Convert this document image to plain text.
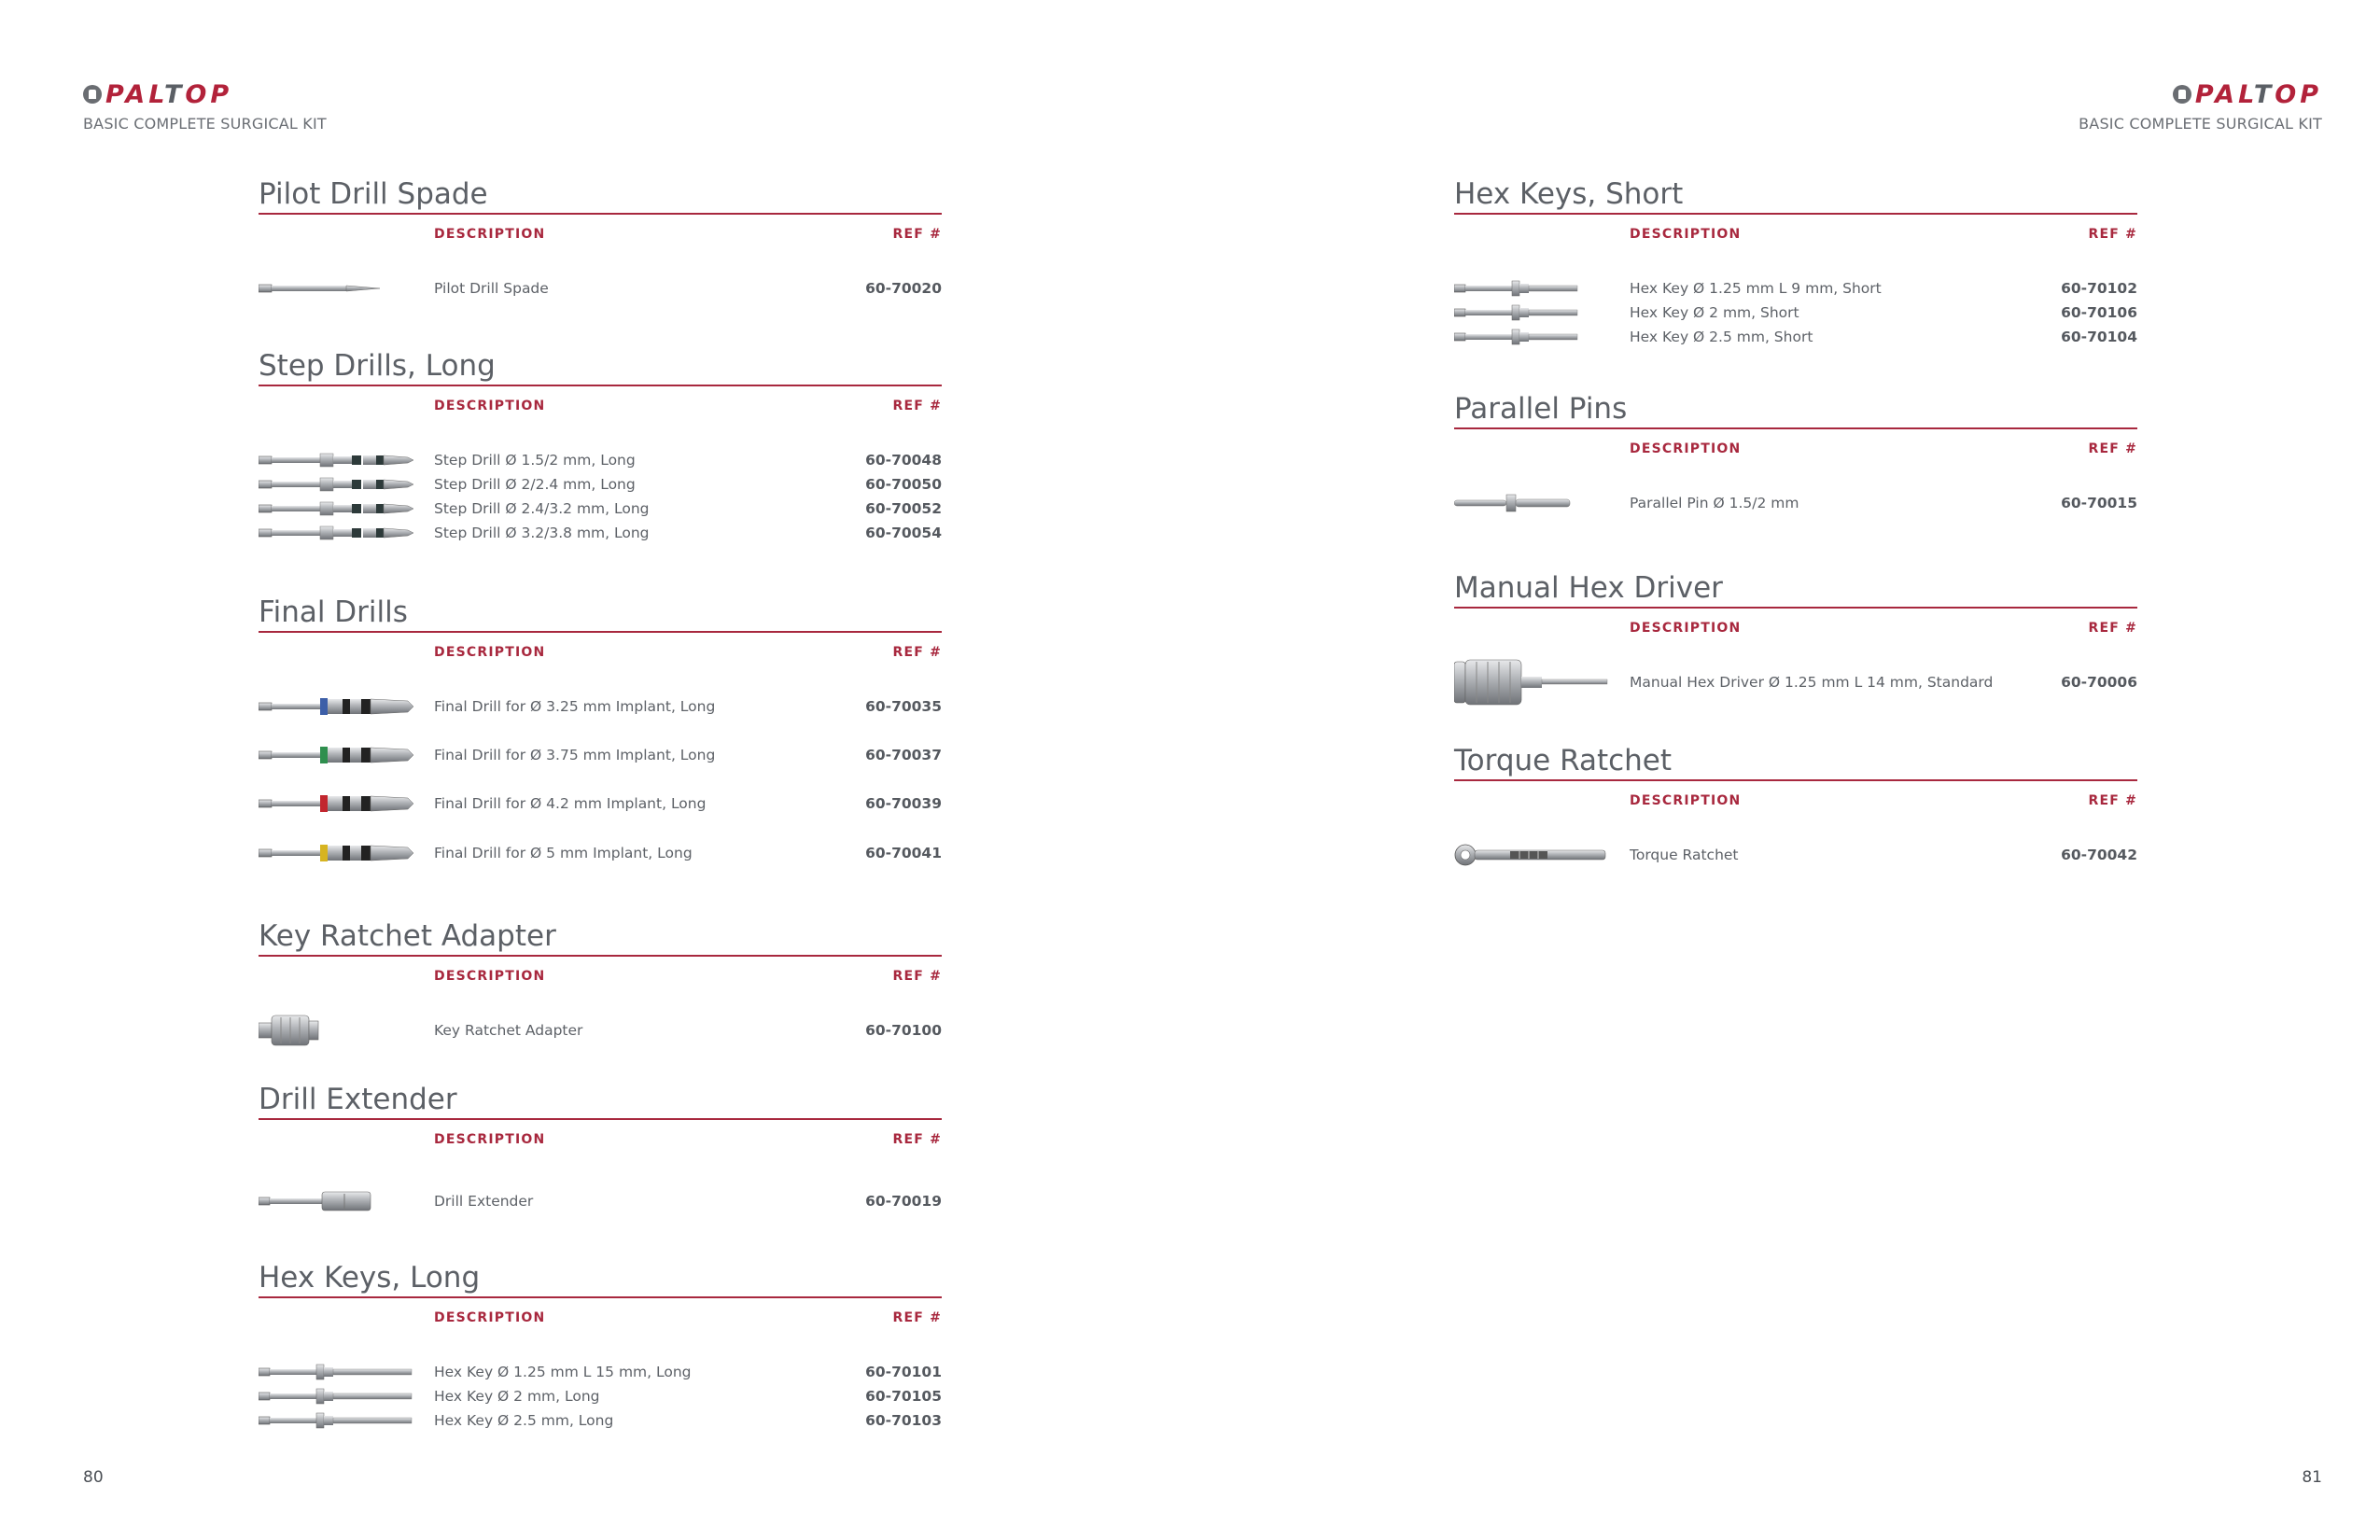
PALTOP
BASIC COMPLETE SURGICAL KIT
Pilot Drill Spade
DESCRIPTION	REF #
Pilot Drill Spade	60-70020
Step Drills, Long
DESCRIPTION	REF #
Step Drill Ø 1.5/2 mm, Long	60-70048
Step Drill Ø 2/2.4 mm, Long	60-70050
Step Drill Ø 2.4/3.2 mm, Long	60-70052
Step Drill Ø 3.2/3.8 mm, Long	60-70054
Final Drills
DESCRIPTION	REF #
Final Drill for Ø 3.25 mm Implant, Long	60-70035
Final Drill for Ø 3.75 mm Implant, Long	60-70037
Final Drill for Ø 4.2 mm Implant, Long	60-70039
Final Drill for Ø 5 mm Implant, Long	60-70041
Key Ratchet Adapter
DESCRIPTION	REF #
Key Ratchet Adapter	60-70100
Drill Extender
DESCRIPTION	REF #
Drill Extender	60-70019
Hex Keys, Long
DESCRIPTION	REF #
Hex Key Ø 1.25 mm L 15 mm, Long	60-70101
Hex Key Ø 2 mm, Long	60-70105
Hex Key Ø 2.5 mm, Long	60-70103
80
PALTOP
BASIC COMPLETE SURGICAL KIT
Hex Keys, Short
DESCRIPTION	REF #
Hex Key Ø 1.25 mm L 9 mm, Short	60-70102
Hex Key Ø 2 mm, Short	60-70106
Hex Key Ø 2.5 mm, Short	60-70104
Parallel Pins
DESCRIPTION	REF #
Parallel Pin Ø 1.5/2 mm	60-70015
Manual Hex Driver
DESCRIPTION	REF #
Manual Hex Driver Ø 1.25 mm L 14 mm, Standard	60-70006
Torque Ratchet
DESCRIPTION	REF #
Torque Ratchet	60-70042
81
